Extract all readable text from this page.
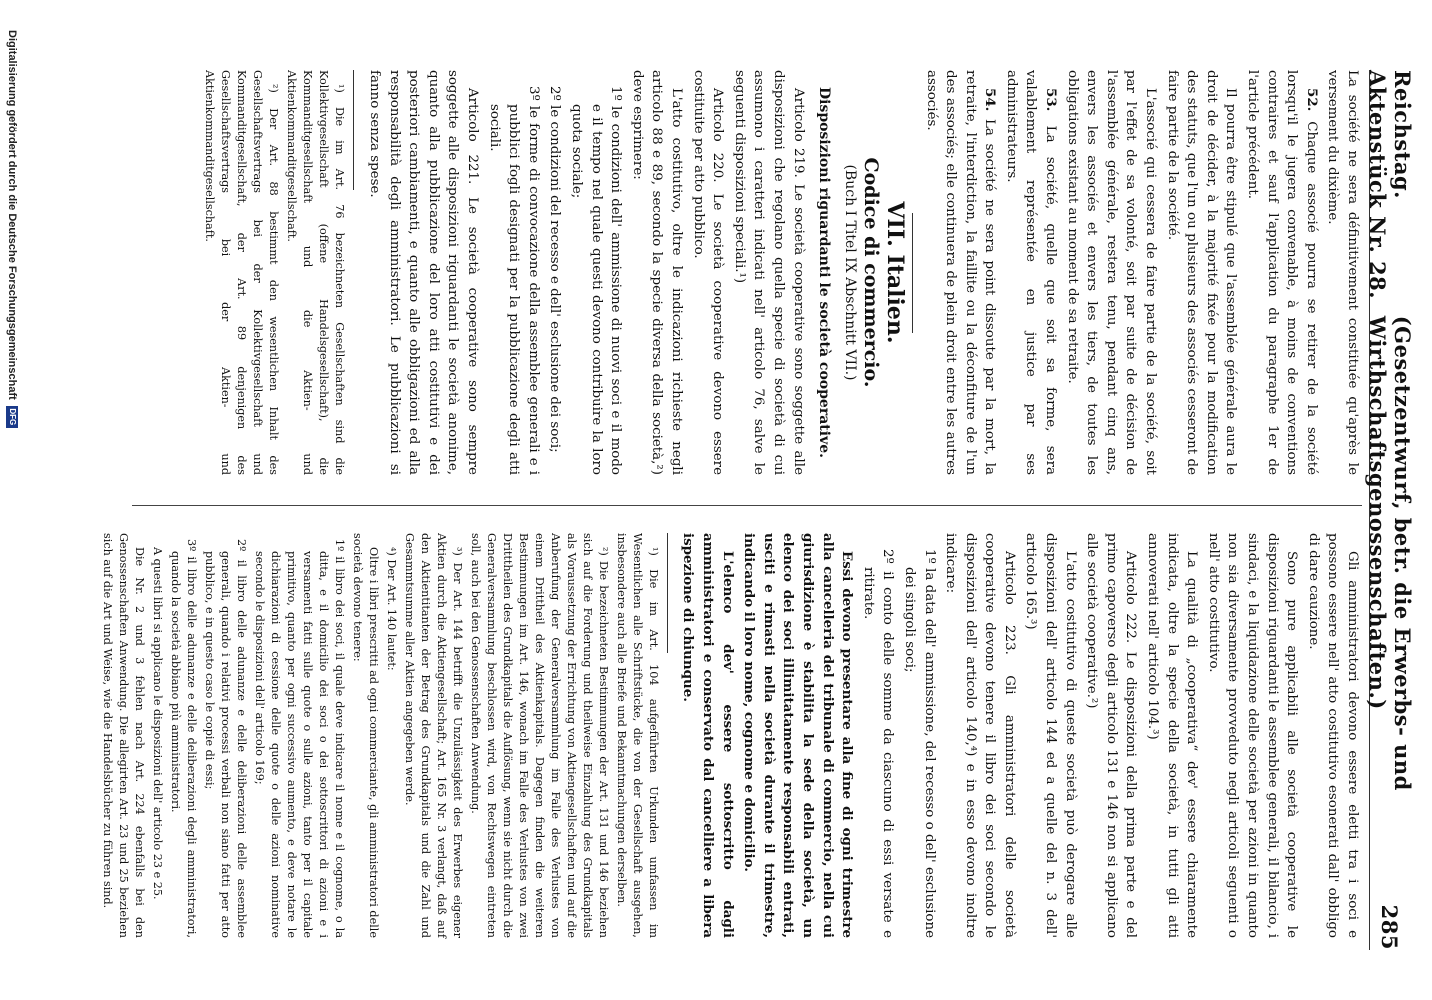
Reichstag. Aktenstück Nr. 28.
(Gesetzentwurf, betr. die Erwerbs- und Wirthschaftsgenossenschaften.)
285

La société ne sera définitivement constituée qu'après le versement du dixième.

52. Chaque associé pourra se retirer de la société lorsqu'il le jugera convenable, à moins de conventions contraires et sauf l'application du paragraphe 1er de l'article précédent.

Il pourra être stipulé que l'assemblée générale aura le droit de décider, à la majorité fixée pour la modification des statuts, que l'un ou plusieurs des associés cesseront de faire partie de la société.

L'associé qui cessera de faire partie de la société, soit par l'effet de sa volonté, soit par suite de décision de l'assemblée générale, restera tenu, pendant cinq ans, envers les associés et envers les tiers, de toutes les obligations existant au moment de sa retraite.

53. La société, quelle que soit sa forme, sera valablement représentée en justice par ses administrateurs.

54. La société ne sera point dissoute par la mort, la retraite, l'interdiction, la faillite ou la déconfiture de l'un des associés; elle continuera de plein droit entre les autres associés.

VII. Italien.

Codice di commercio.

(Buch I Titel IX Abschnitt VII.)

Disposizioni riguardanti le società cooperative.

Articolo 219. Le società cooperative sono soggette alle disposizioni che regolano quella specie di società di cui assumono i caratteri indicati nell' articolo 76, salve le seguenti disposizioni speciali.¹)

Articolo 220. Le società cooperative devono essere costituite per atto pubblico.

L'atto costitutivo, oltre le indicazioni richieste negli articolo 88 e 89, secondo la specie diversa della società,²) deve esprimere:

1º le condizioni dell' ammissione di nuovi soci e il modo e il tempo nel quale questi devono contribuire la loro quota sociale;

2º le condizioni del recesso e dell' esclusione dei soci;

3º le forme di convocazione della assemblee generali e i pubblici fogli designati per la pubblicazione degli atti sociali.

Articolo 221. Le società cooperative sono sempre soggette alle disposizioni riguardanti le società anonime, quanto alla pubblicazione del loro atti costitutivi e dei posteriori cambiamenti, e quanto alle obbligazioni ed alla responsabilità degli amministratori. Le pubblicazioni si fanno senza spese.

¹) Die im Art. 76 bezeichneten Gesellschaften sind die Kollektivgesellschaft (offene Handelsgesellschaft), die Kommanditgesellschaft und die Aktien- und Aktienkommanditgesellschaft.

²) Der Art. 88 bestimmt den wesentlichen Inhalt des Gesellschaftsvertrags bei der Kollektivgesellschaft und Kommanditgesellschaft, der Art. 89 denjenigen des Gesellschaftsvertrags bei der Aktien- und Aktienkommanditgesellschaft.

Gli amministratori devono essere eletti tra i soci e possono essere nell' atto costitutivo esonerati dall' obbligo di dare cauzione.

Sono pure applicabili alle società cooperative le disposizioni riguardanti le assemblee generali, il bilancio, i sindaci, e la liquidazione delle società per azioni in quanto non sia diversamente provveduto negli articoli seguenti o nell' atto costitutivo.

La qualità di „cooperativa“ dev' essere chiaramente indicata, oltre la specie della società, in tutti gli atti annoverati nell' articolo 104.³)

Articolo 222. Le disposizioni della prima parte e del primo capoverso degli articolo 131 e 146 non si applicano alle società cooperative.²)

L'atto costitutivo di queste società può derogare alle disposizioni dell' articolo 144 ed a quelle del n. 3 dell' articolo 165.³)

Articolo 223. Gli amministratori delle società cooperative devono tenere il libro dei soci secondo le disposizioni dell' articolo 140,⁴) e in esso devono inoltre indicare:

1º la data dell' ammissione, del recesso o dell' esclusione dei singoli soci;

2º il conto delle somme da ciascuno di essi versate e ritirate.

Essi devono presentare alla fine di ogni trimestre alla cancelleria del tribunale di commercio, nella cui giurisdizione è stabilita la sede della società, un elenco dei soci illimitatamente responsabili entrati, usciti e rimasti nella società durante il trimestre, indicando il loro nome, cognome e domicilio.

L'elenco dev' essere sottoscritto dagli amministratori e conservato dal cancelliere a libera ispezione di chiunque.

¹) Die im Art. 104 aufgeführten Urkunden umfassen im Wesentlichen alle Schriftstücke, die von der Gesellschaft ausgehen, insbesondere auch alle Briefe und Bekanntmachungen derselben.

²) Die bezeichneten Bestimmungen der Art. 131 und 146 beziehen sich auf die Forderung und theilweise Einzahlung des Grundkapitals als Voraussetzung der Errichtung von Aktiengesellschaften und auf die Anberufung der Generalversammlung im Falle des Verlustes von einem Drittheil des Aktienkapitals. Dagegen finden die weiteren Bestimmungen im Art. 146, wonach im Falle des Verlustes von zwei Dritttheilen des Grundkapitals die Auflösung, wenn sie nicht durch die Generalversammlung beschlossen wird, von Rechtswegen eintreten soll, auch bei den Genossenschaften Anwendung.

³) Der Art. 144 betrifft die Unzulässigkeit des Erwerbes eigener Aktien durch die Aktiengesellschaft; Art. 165 Nr. 3 verlangt, daß auf den Aktientitanten der Betrag des Grundkapitals und die Zahl und Gesammtsumme aller Aktien angegeben werde.

⁴) Der Art. 140 lautet:

Oltre i libri prescritti ad ogni commerciante, gli amministratori delle società devono tenere:

1º il libro dei soci, il quale deve indicare il nome e il cognome, o la ditta, e il domicilio dei soci o dei sottoscrittori di azioni e i versamenti fatti sulle quote o sulle azioni, tanto per il capitale primitivo, quanto per ogni successivo aumento, e deve notare le dichiarazioni di cessione delle quote o delle azioni nominative secondo le disposizioni dell' articolo 169;

2º il libro delle adunanze e delle deliberazioni delle assemblee generali, quando i relativi processi verbali non siano fatti per atto pubblico, e in questo caso le copie di essi;

3º il libro delle adunanze e delle deliberazioni degli amministratori, quando la società abbiano più amministratori.

A questi libri si applicano le disposizioni dell' articolo 23 e 25.

Die Nr. 2 und 3 fehlen nach Art. 224 ebenfalls bei den Genossenschaften Anwendung. Die allegirten Art. 23 und 25 beziehen sich auf die Art und Weise, wie die Handelsbücher zu führen sind.

Digitalisierung gefördert durch die Deutsche Forschungsgemeinschaft
DFG
